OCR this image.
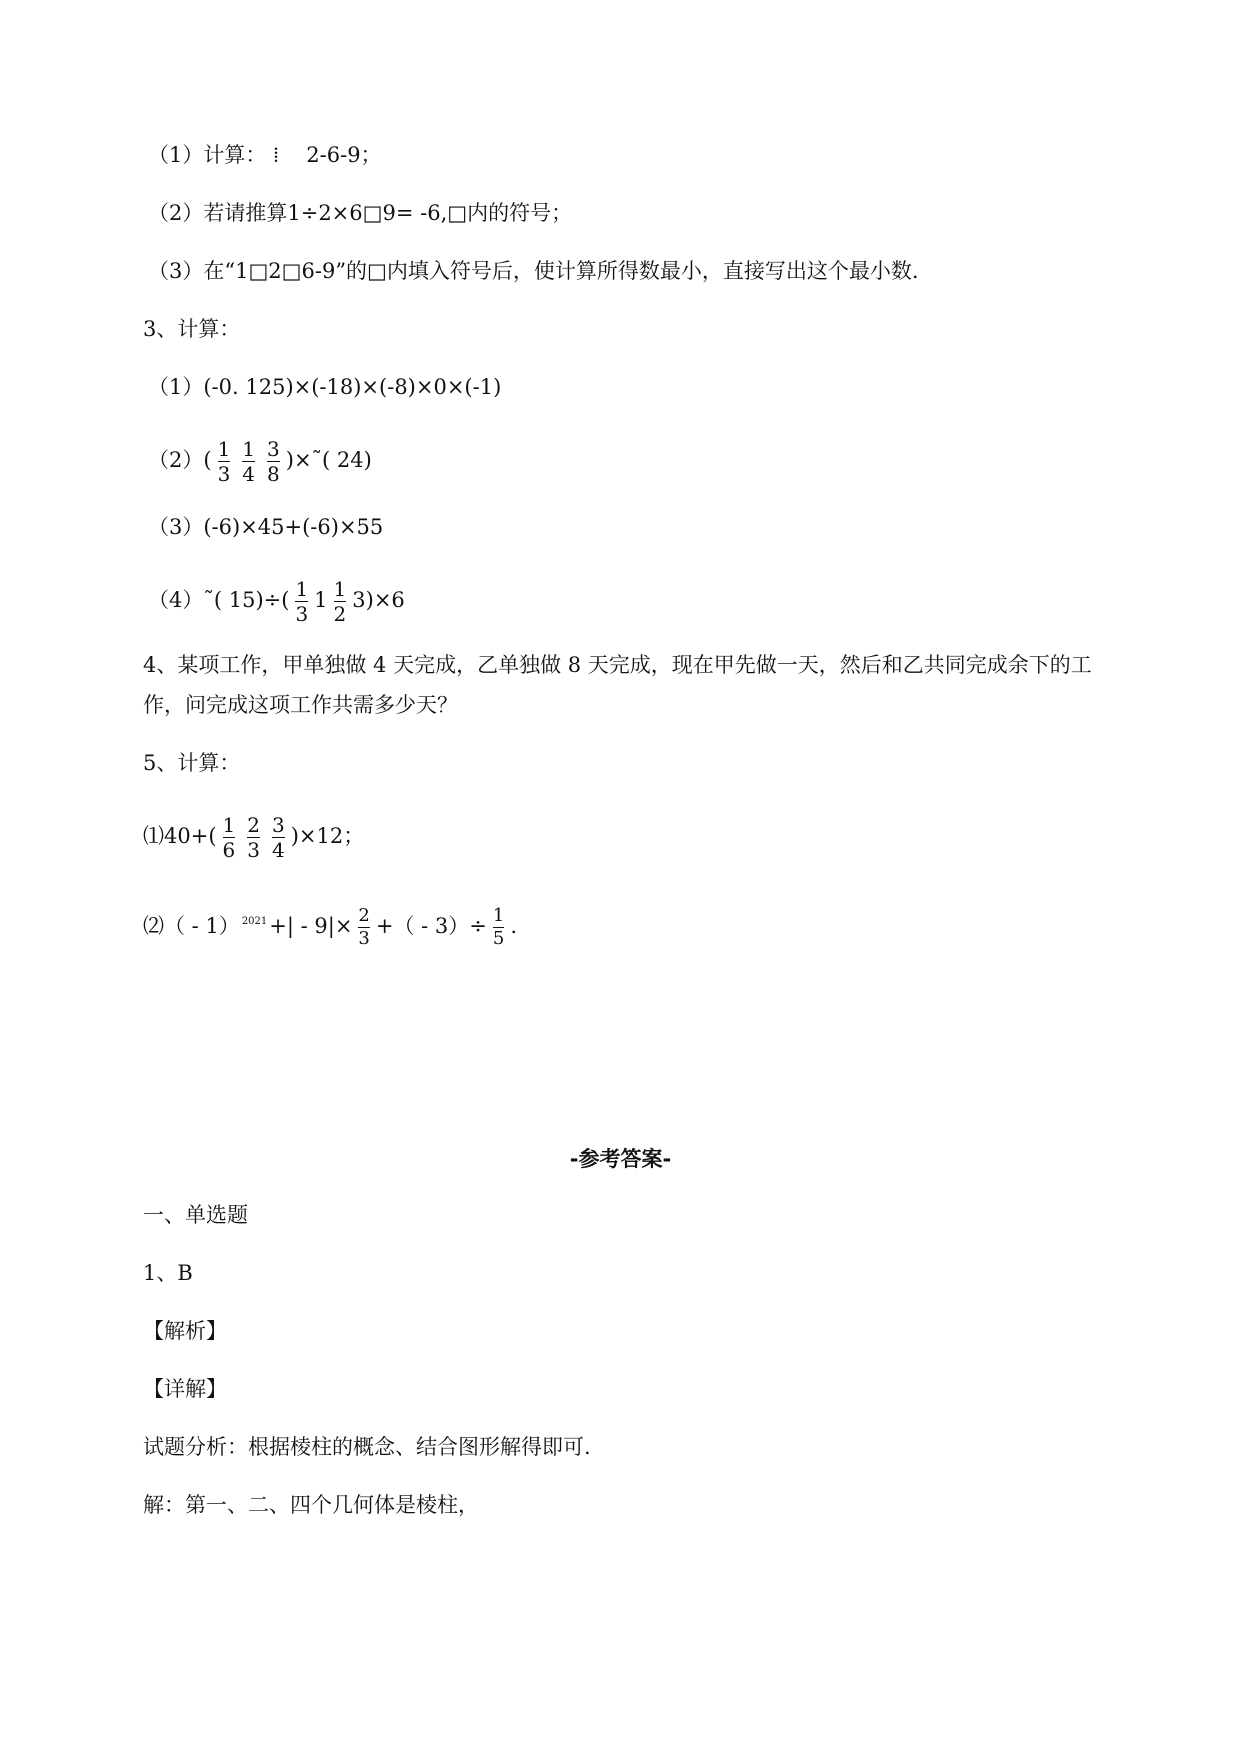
（1）计算： ⁞ 2-6-9；
（2）若请推算1÷2×6□9= -6,□内的符号；
（3）在“1□2□6-9”的□内填入符号后，使计算所得数最小，直接写出这个最小数.
3、计算：
（1）(-0. 125)×(-18)×(-8)×0×(-1)
$(2)( \frac{1}{3} \frac{1}{4} \frac{3}{8}$ )×˜( 24)
（3）(-6)×45+(-6)×55
（4）˜( $15)\div( \frac{1}{3} 1 \frac{1}{2} 3)\times 6$
4、某项工作，甲单独做 4 天完成，乙单独做 8 天完成，现在甲先做一天，然后和乙共同完成余下的工
作，问完成这项工作共需多少天？
5、计算：
⑴40+( $\frac{1}{6} \frac{2}{3} \frac{3}{4} )\times 12$；
⑵（ - 1） $^{2021}+| - 9|\times \frac{2}{3}$ +（ - $3)\div \frac{1}{5}$ .
-参考答案-
一、单选题
1、B
【解析】
【详解】
试题分析：根据棱柱的概念、结合图形解得即可.
解：第一、二、四个几何体是棱柱，
